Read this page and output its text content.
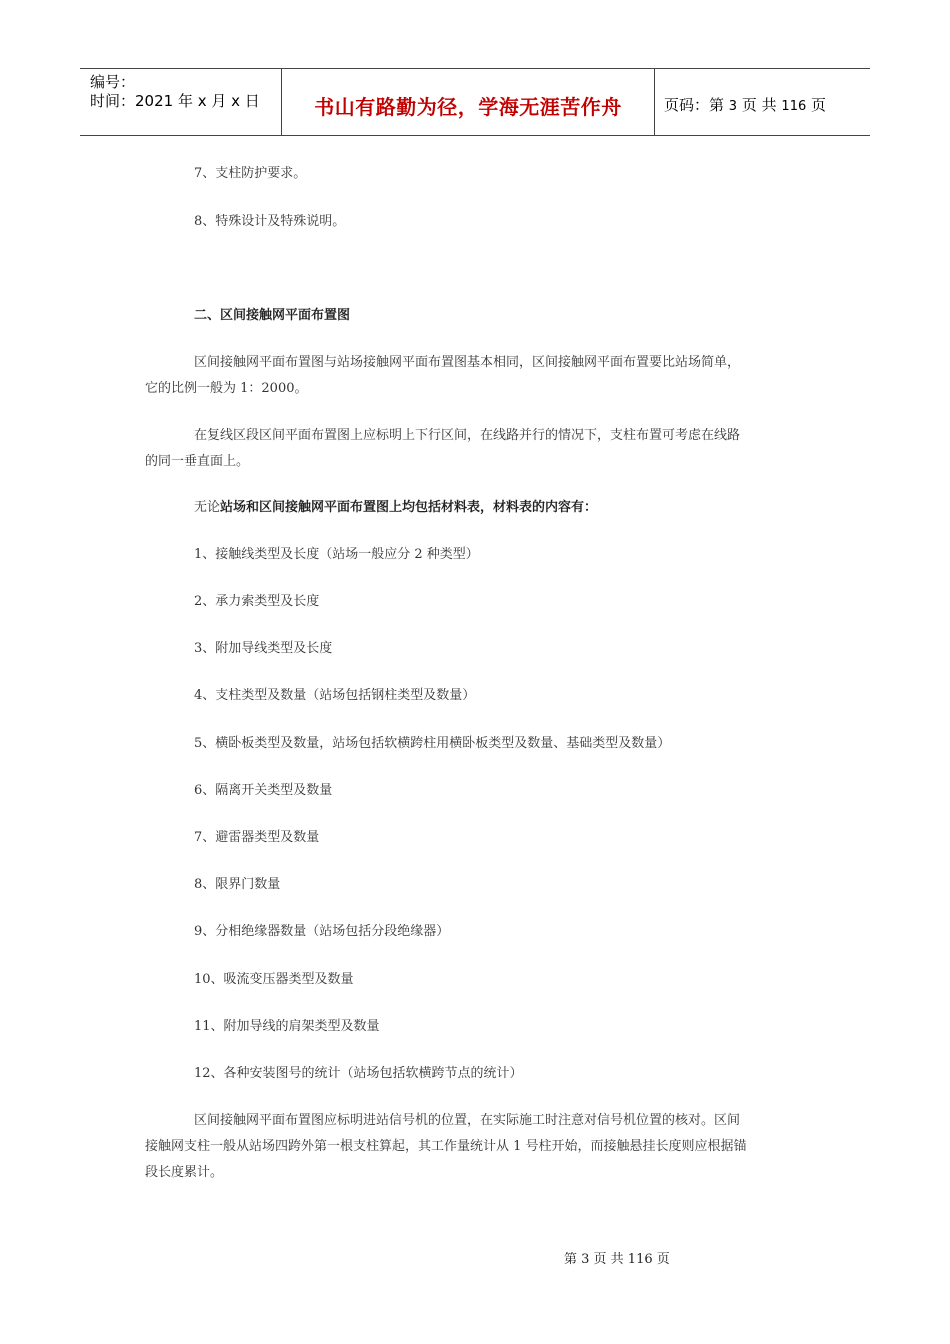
编号：
时间：2021 年 x 月 x 日	书山有路勤为径，学海无涯苦作舟	页码：第 3 页 共 116 页
7、支柱防护要求。
8、特殊设计及特殊说明。
二、区间接触网平面布置图
区间接触网平面布置图与站场接触网平面布置图基本相同，区间接触网平面布置要比站场简单，
它的比例一般为 1：2000。
在复线区段区间平面布置图上应标明上下行区间，在线路并行的情况下，支柱布置可考虑在线路
的同一垂直面上。
无论站场和区间接触网平面布置图上均包括材料表，材料表的内容有：
1、接触线类型及长度（站场一般应分 2 种类型）
2、承力索类型及长度
3、附加导线类型及长度
4、支柱类型及数量（站场包括钢柱类型及数量）
5、横卧板类型及数量，站场包括软横跨柱用横卧板类型及数量、基础类型及数量）
6、隔离开关类型及数量
7、避雷器类型及数量
8、限界门数量
9、分相绝缘器数量（站场包括分段绝缘器）
10、吸流变压器类型及数量
11、附加导线的肩架类型及数量
12、各种安装图号的统计（站场包括软横跨节点的统计）
区间接触网平面布置图应标明进站信号机的位置，在实际施工时注意对信号机位置的核对。区间
接触网支柱一般从站场四跨外第一根支柱算起，其工作量统计从 1 号柱开始，而接触悬挂长度则应根据锚
段长度累计。
第 3 页 共 116 页
